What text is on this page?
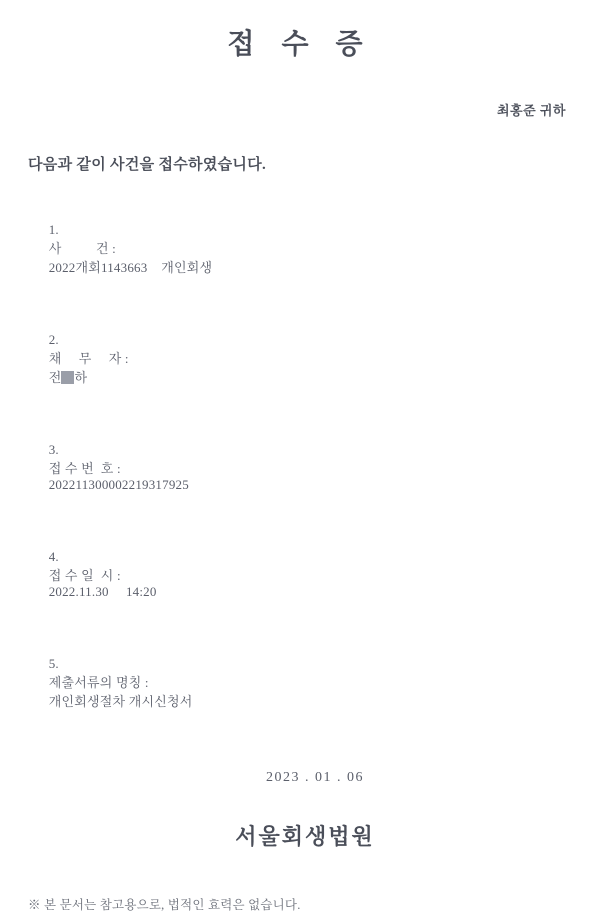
접 수 증
최홍준 귀하
다음과 같이 사건을 접수하였습니다.

1.
사          건 :
2022개회1143663    개인회생

2.
채     무     자 :
전 하

3.
접 수 번  호 :
202211300002219317925

4.
접 수 일  시 :
2022.11.30     14:20

5.
제출서류의 명칭 :
개인회생절차 개시신청서

2023 . 01 . 06
서울회생법원
※ 본 문서는 참고용으로, 법적인 효력은 없습니다.
